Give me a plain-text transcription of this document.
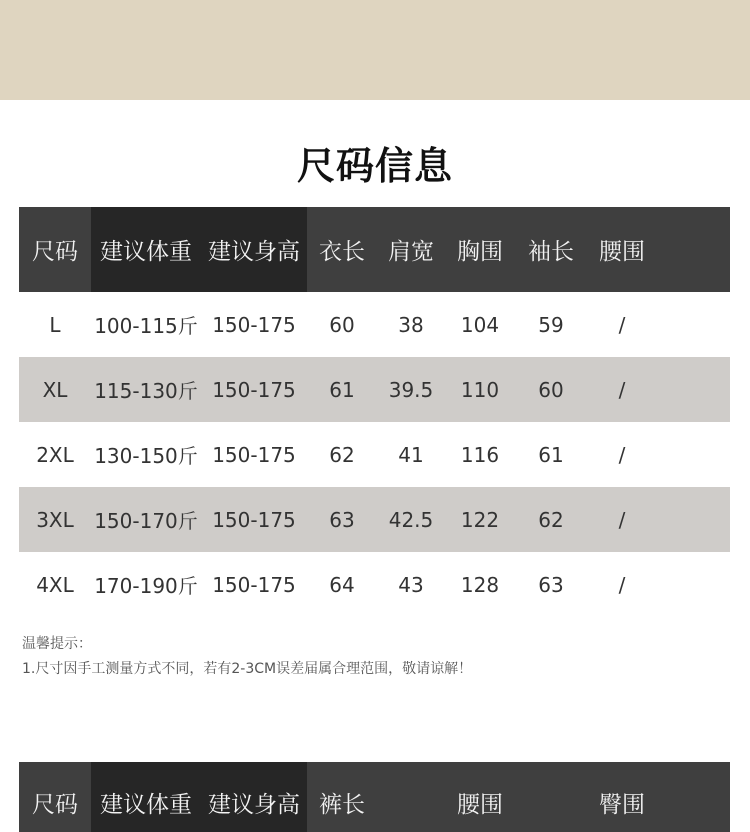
尺码信息
尺码 建议体重 建议身高 衣长	肩宽	胸围	袖长	腰围
L	100-115斤 150-175	60	38	104	59	/
XL	115-130斤 150-175	61	39.5	110	60	/
2XL	130-150斤 150-175	62	41	116	61	/
3XL	150-170斤 150-175	63	42.5	122	62	/
4XL	170-190斤 150-175	64	43	128	63	/
温馨提示：
1.尺寸因手工测量方式不同，若有2-3CM误差届属合理范围，敬请谅解！
尺码 建议体重 建议身高 裤长	腰围	臀围
